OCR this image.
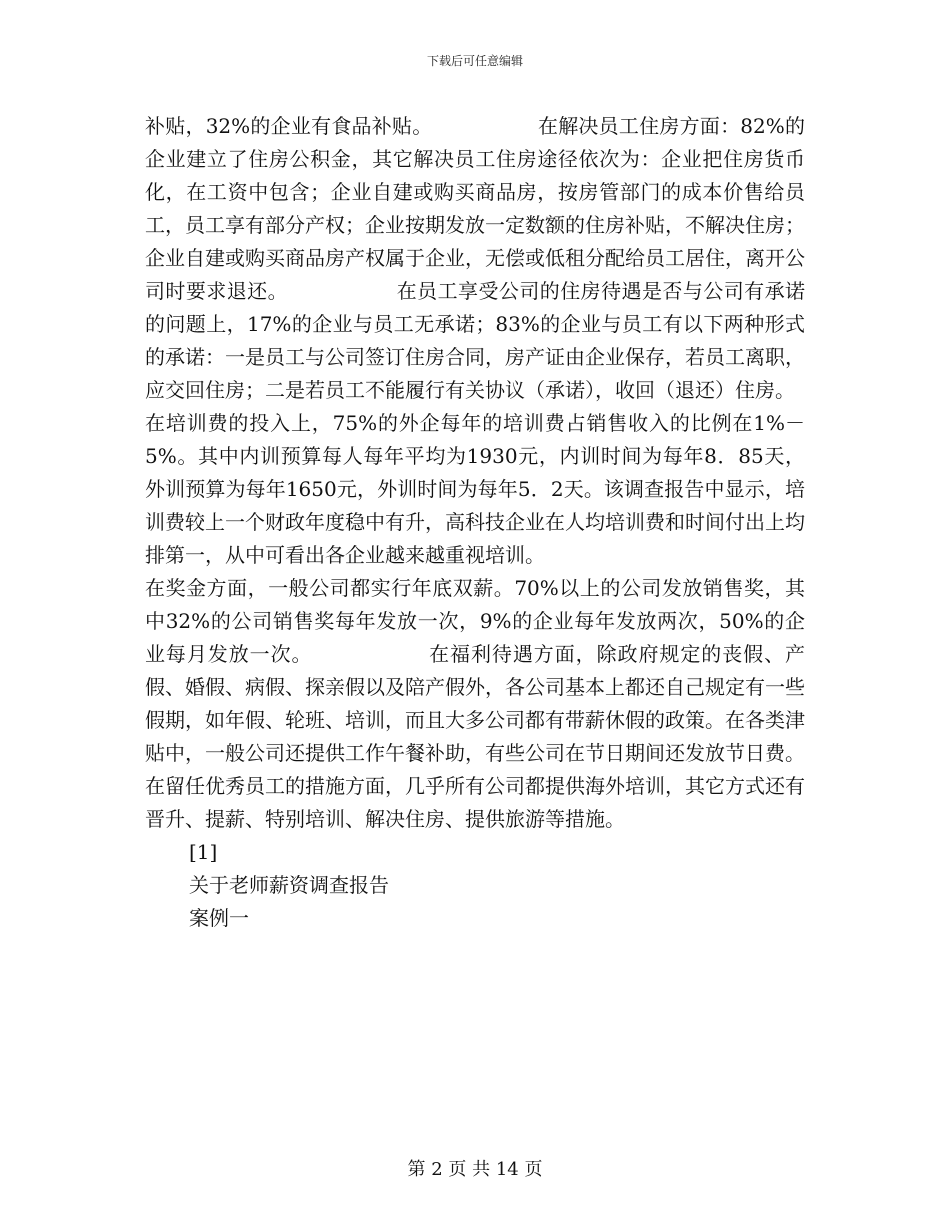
下载后可任意编辑

补贴，32%的企业有食品补贴。                在解决员工住房方面：82%的企业建立了住房公积金，其它解决员工住房途径依次为：企业把住房货币化，在工资中包含；企业自建或购买商品房，按房管部门的成本价售给员工，员工享有部分产权；企业按期发放一定数额的住房补贴，不解决住房；企业自建或购买商品房产权属于企业，无偿或低租分配给员工居住，离开公司时要求退还。                在员工享受公司的住房待遇是否与公司有承诺的问题上，17%的企业与员工无承诺；83%的企业与员工有以下两种形式的承诺：一是员工与公司签订住房合同，房产证由企业保存，若员工离职，应交回住房；二是若员工不能履行有关协议（承诺），收回（退还）住房。

在培训费的投入上，75%的外企每年的培训费占销售收入的比例在1%－5%。其中内训预算每人每年平均为1930元，内训时间为每年8．85天，外训预算为每年1650元，外训时间为每年5．2天。该调查报告中显示，培训费较上一个财政年度稳中有升，高科技企业在人均培训费和时间付出上均排第一，从中可看出各企业越来越重视培训。

在奖金方面，一般公司都实行年底双薪。70%以上的公司发放销售奖，其中32%的公司销售奖每年发放一次，9%的企业每年发放两次，50%的企业每月发放一次。                在福利待遇方面，除政府规定的丧假、产假、婚假、病假、探亲假以及陪产假外，各公司基本上都还自己规定有一些假期，如年假、轮班、培训，而且大多公司都有带薪休假的政策。在各类津贴中，一般公司还提供工作午餐补助，有些公司在节日期间还发放节日费。在留任优秀员工的措施方面，几乎所有公司都提供海外培训，其它方式还有晋升、提薪、特别培训、解决住房、提供旅游等措施。

[1]

关于老师薪资调查报告

案例一

第 2 页 共 14 页
